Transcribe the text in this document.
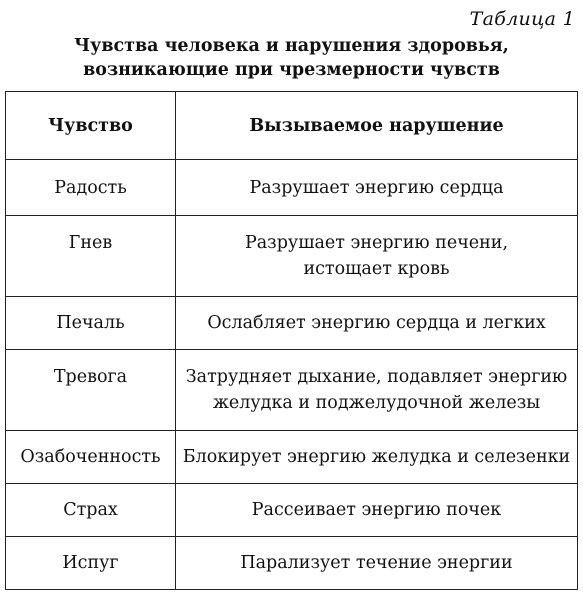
Таблица 1
Чувства человека и нарушения здоровья,
возникающие при чрезмерности чувств
Чувство	Вызываемое нарушение
Радость	Разрушает энергию сердца

Гнев	Разрушает энергию печени,
истощает кровь

Печаль	Ослабляет энергию сердца и легких

Тревога	Затрудняет дыхание, подавляет энергию
желудка и поджелудочной железы

Озабоченность	Блокирует энергию желудка и селезенки

Страх	Рассеивает энергию почек

Испуг	Парализует течение энергии
